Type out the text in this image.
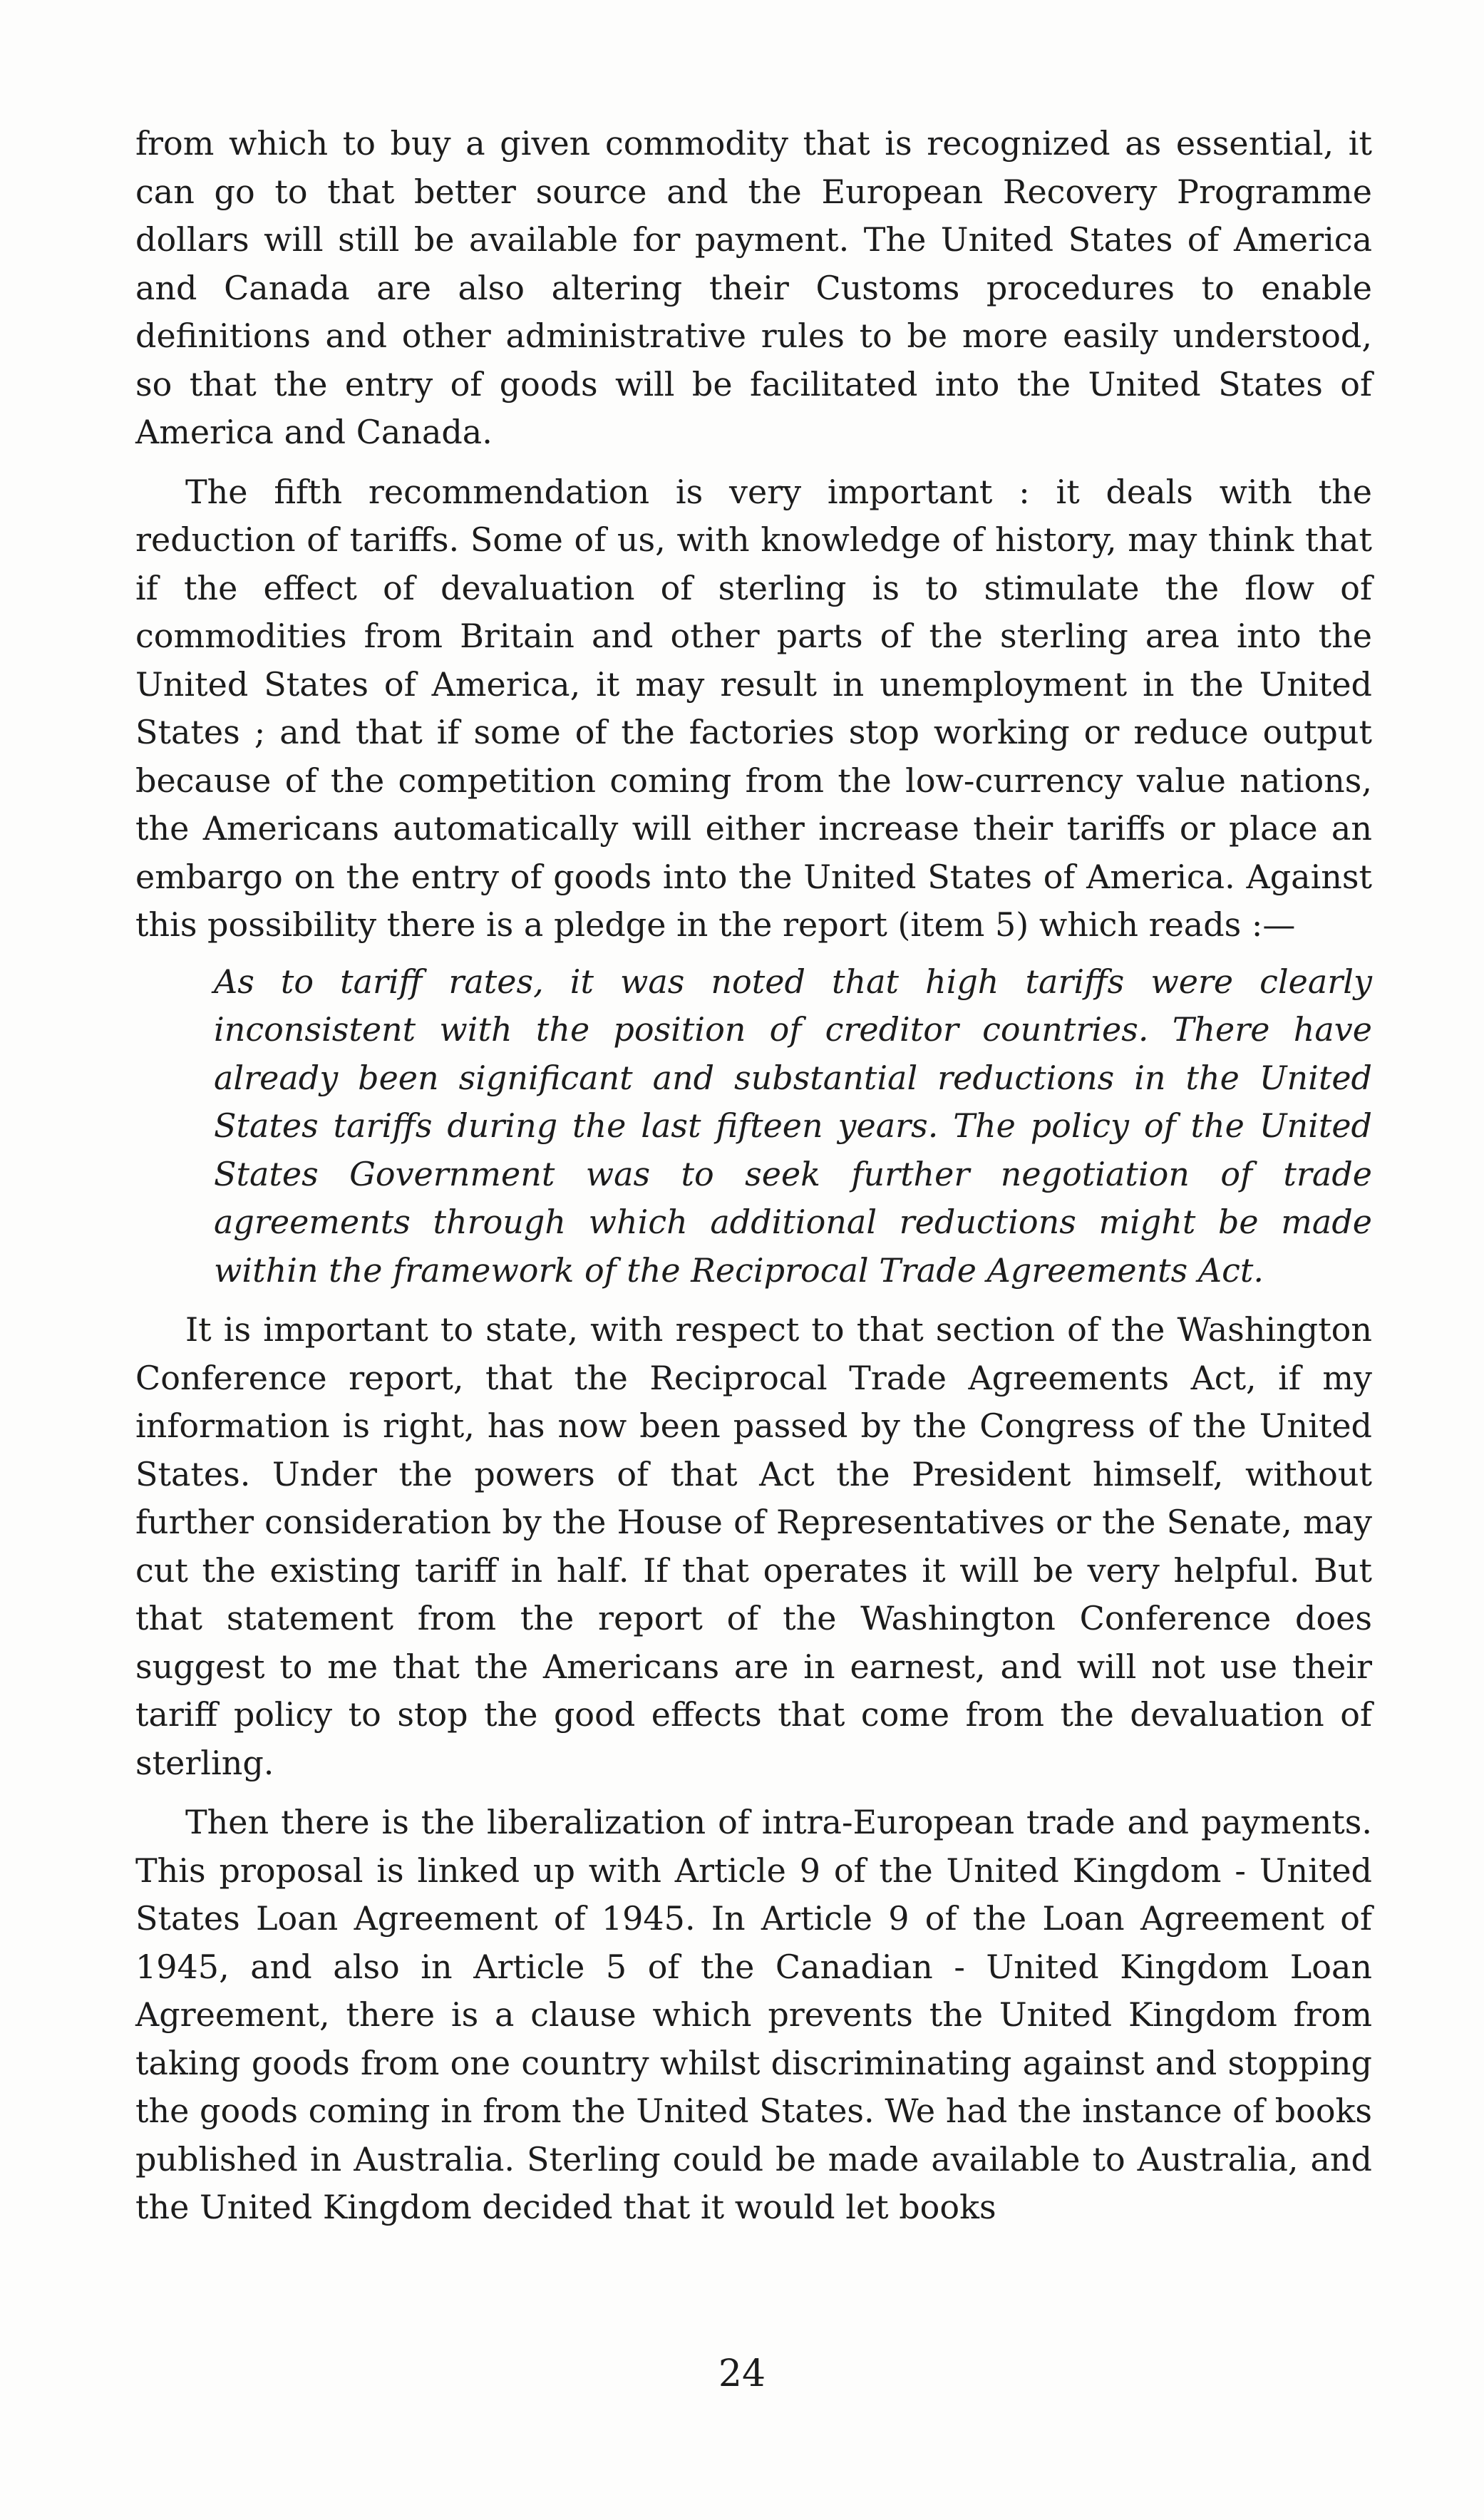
from which to buy a given commodity that is recognized as essential, it can go to that better source and the European Recovery Programme dollars will still be available for payment. The United States of America and Canada are also altering their Customs procedures to enable definitions and other administrative rules to be more easily understood, so that the entry of goods will be facilitated into the United States of America and Canada.

The fifth recommendation is very important : it deals with the reduction of tariffs. Some of us, with knowledge of history, may think that if the effect of devaluation of sterling is to stimulate the flow of commodities from Britain and other parts of the sterling area into the United States of America, it may result in unemployment in the United States ; and that if some of the factories stop working or reduce output because of the competition coming from the low-currency value nations, the Americans automatically will either increase their tariffs or place an embargo on the entry of goods into the United States of America. Against this possibility there is a pledge in the report (item 5) which reads :—

As to tariff rates, it was noted that high tariffs were clearly inconsistent with the position of creditor countries. There have already been significant and substantial reductions in the United States tariffs during the last fifteen years. The policy of the United States Government was to seek further negotiation of trade agreements through which additional reductions might be made within the framework of the Reciprocal Trade Agreements Act.

It is important to state, with respect to that section of the Washington Conference report, that the Reciprocal Trade Agreements Act, if my information is right, has now been passed by the Congress of the United States. Under the powers of that Act the President himself, without further consideration by the House of Representatives or the Senate, may cut the existing tariff in half. If that operates it will be very helpful. But that statement from the report of the Washington Conference does suggest to me that the Americans are in earnest, and will not use their tariff policy to stop the good effects that come from the devaluation of sterling.

Then there is the liberalization of intra-European trade and payments. This proposal is linked up with Article 9 of the United Kingdom - United States Loan Agreement of 1945. In Article 9 of the Loan Agreement of 1945, and also in Article 5 of the Canadian - United Kingdom Loan Agreement, there is a clause which prevents the United Kingdom from taking goods from one country whilst discriminating against and stopping the goods coming in from the United States. We had the instance of books published in Australia. Sterling could be made available to Australia, and the United Kingdom decided that it would let books

24
